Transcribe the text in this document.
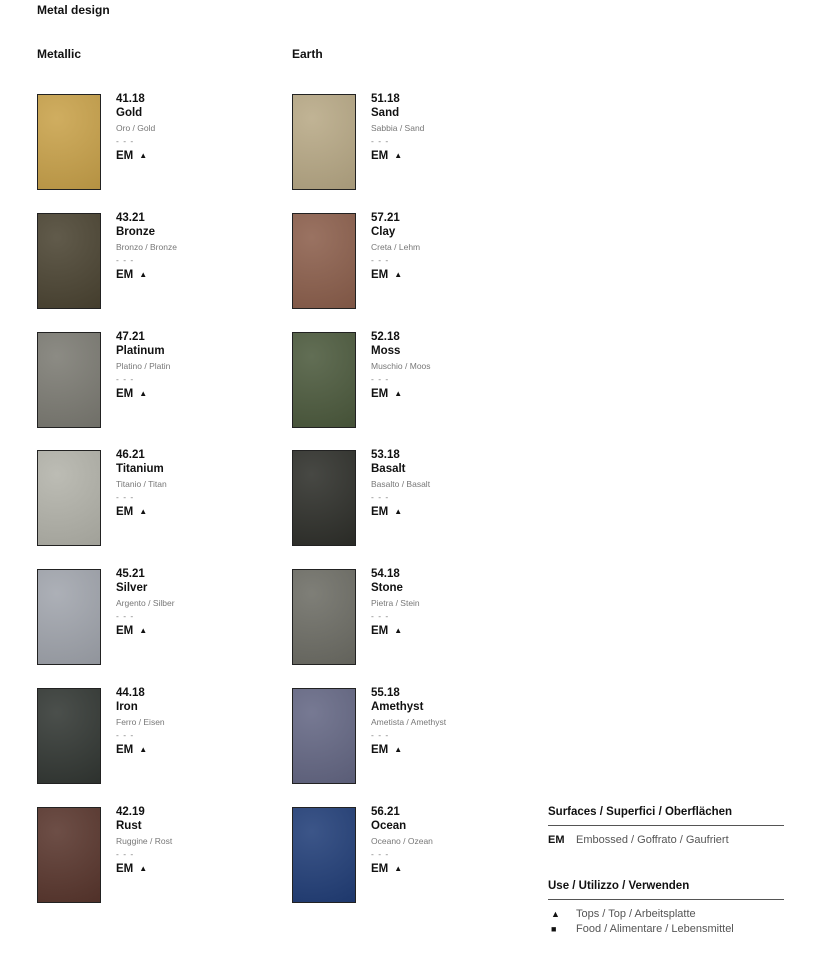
Metal design
Metallic
41.18
Gold
Oro / Gold
- - -
EM ▲
43.21
Bronze
Bronzo / Bronze
- - -
EM ▲
47.21
Platinum
Platino / Platin
- - -
EM ▲
46.21
Titanium
Titanio / Titan
- - -
EM ▲
45.21
Silver
Argento / Silber
- - -
EM ▲
44.18
Iron
Ferro / Eisen
- - -
EM ▲
42.19
Rust
Ruggine / Rost
- - -
EM ▲
Earth
51.18
Sand
Sabbia / Sand
- - -
EM ▲
57.21
Clay
Creta / Lehm
- - -
EM ▲
52.18
Moss
Muschio / Moos
- - -
EM ▲
53.18
Basalt
Basalto / Basalt
- - -
EM ▲
54.18
Stone
Pietra / Stein
- - -
EM ▲
55.18
Amethyst
Ametista / Amethyst
- - -
EM ▲
56.21
Ocean
Oceano / Ozean
- - -
EM ▲
Surfaces / Superfici / Oberflächen
EM	Embossed / Goffrato / Gaufriert
Use / Utilizzo / Verwenden
▲	Tops / Top / Arbeitsplatte
■	Food / Alimentare / Lebensmittel
